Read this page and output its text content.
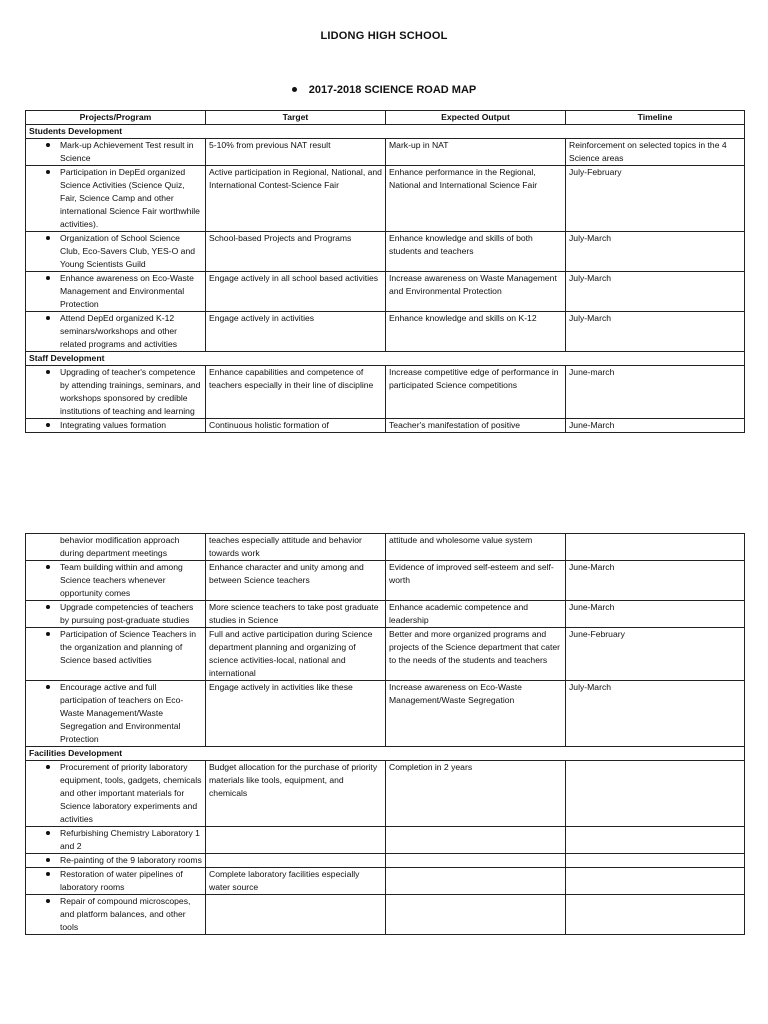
LIDONG HIGH SCHOOL
2017-2018 SCIENCE ROAD MAP
Projects/Program	Target	Expected Output	Timeline
Students Development			
Mark-up Achievement Test result in Science	5-10% from previous NAT result	Mark-up in NAT	Reinforcement on selected topics in the 4 Science areas
Participation in DepEd organized Science Activities (Science Quiz, Fair, Science Camp and other international Science Fair worthwhile activities).	Active participation in Regional, National, and International Contest-Science Fair	Enhance performance in the Regional, National and International Science Fair	July-February
Organization of School Science Club, Eco-Savers Club, YES-O and Young Scientists Guild	School-based Projects and Programs	Enhance knowledge and skills of both students and teachers	July-March
Enhance awareness on Eco-Waste Management and Environmental Protection	Engage actively in all school based activities	Increase awareness on Waste Management and Environmental Protection	July-March
Attend DepEd organized K-12 seminars/workshops and other related programs and activities	Engage actively in activities	Enhance knowledge and skills on K-12	July-March
Staff Development			
Upgrading of teacher's competence by attending trainings, seminars, and workshops sponsored by credible institutions of teaching and learning	Enhance capabilities and competence of teachers especially in their line of discipline	Increase competitive edge of performance in participated Science competitions	June-march
Integrating values formation	Continuous holistic formation of	Teacher's manifestation of positive	June-March
behavior modification approach during department meetings	teaches especially attitude and behavior towards work	attitude and wholesome value system	
Team building within and among Science teachers whenever opportunity comes	Enhance character and unity among and between Science teachers	Evidence of improved self-esteem and self-worth	June-March
Upgrade competencies of teachers by pursuing post-graduate studies	More science teachers to take post graduate studies in Science	Enhance academic competence and leadership	June-March
Participation of Science Teachers in the organization and planning of Science based activities	Full and active participation during Science department planning and organizing of science activities-local, national and international	Better and more organized programs and projects of the Science department that cater to the needs of the students and teachers	June-February
Encourage active and full participation of teachers on Eco-Waste Management/Waste Segregation and Environmental Protection	Engage actively in activities like these	Increase awareness on Eco-Waste Management/Waste Segregation	July-March
Facilities Development			
Procurement of priority laboratory equipment, tools, gadgets, chemicals and other important materials for Science laboratory experiments and activities	Budget allocation for the purchase of priority materials like tools, equipment, and chemicals	Completion in 2 years	
Refurbishing Chemistry Laboratory 1 and 2			
Re-painting of the 9 laboratory rooms			
Restoration of water pipelines of laboratory rooms	Complete laboratory facilities especially water source		
Repair of compound microscopes, and platform balances, and other tools			
